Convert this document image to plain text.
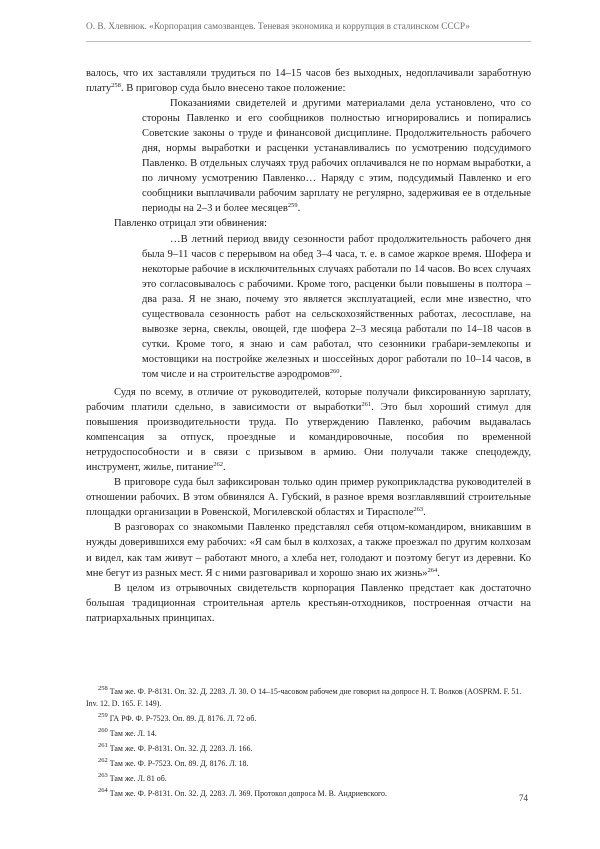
О. В. Хлевнюк. «Корпорация самозванцев. Теневая экономика и коррупция в сталинском СССР»

валось, что их заставляли трудиться по 14–15 часов без выходных, недоплачивали заработную плату$^{258}$. В приговор суда было внесено такое положение:

Показаниями свидетелей и другими материалами дела установлено, что со стороны Павленко и его сообщников полностью игнорировались и попирались Советские законы о труде и финансовой дисциплине. Продолжительность рабочего дня, нормы выработки и расценки устанавливались по усмотрению подсудимого Павленко. В отдельных случаях труд рабочих оплачивался не по нормам выработки, а по личному усмотрению Павленко… Наряду с этим, подсудимый Павленко и его сообщники выплачивали рабочим зарплату не регулярно, задерживая ее в отдельные периоды на 2–3 и более месяцев$^{259}$.

Павленко отрицал эти обвинения:

…В летний период ввиду сезонности работ продолжительность рабочего дня была 9–11 часов с перерывом на обед 3–4 часа, т. е. в самое жаркое время. Шофера и некоторые рабочие в исключительных случаях работали по 14 часов. Во всех случаях это согласовывалось с рабочими. Кроме того, расценки были повышены в полтора – два раза. Я не знаю, почему это является эксплуатацией, если мне известно, что существовала сезонность работ на сельскохозяйственных работах, лесосплаве, на вывозке зерна, свеклы, овощей, где шофера 2–3 месяца работали по 14–18 часов в сутки. Кроме того, я знаю и сам работал, что сезонники грабари-землекопы и мостовщики на постройке железных и шоссейных дорог работали по 10–14 часов, в том числе и на строительстве аэродромов$^{260}$.

Судя по всему, в отличие от руководителей, которые получали фиксированную зарплату, рабочим платили сдельно, в зависимости от выработки$^{261}$. Это был хороший стимул для повышения производительности труда. По утверждению Павленко, рабочим выдавалась компенсация за отпуск, проездные и командировочные, пособия по временной нетрудоспособности и в связи с призывом в армию. Они получали также спецодежду, инструмент, жилье, питание$^{262}$.

В приговоре суда был зафиксирован только один пример рукоприкладства руководителей в отношении рабочих. В этом обвинялся А. Губский, в разное время возглавлявший строительные площадки организации в Ровенской, Могилевской областях и Тирасполе$^{263}$.

В разговорах со знакомыми Павленко представлял себя отцом-командиром, вникавшим в нужды доверившихся ему рабочих: «Я сам был в колхозах, а также проезжал по другим колхозам и видел, как там живут – работают много, а хлеба нет, голодают и поэтому бегут из деревни. Ко мне бегут из разных мест. Я с ними разговаривал и хорошо знаю их жизнь»$^{264}$.

В целом из отрывочных свидетельств корпорация Павленко предстает как достаточно большая традиционная строительная артель крестьян-отходников, построенная отчасти на патриархальных принципах.

$^{258}$ Там же. Ф. Р-8131. Оп. 32. Д. 2283. Л. 30. О 14–15-часовом рабочем дне говорил на допросе Н. Т. Волков (AOSPRM. F. 51. Inv. 12. D. 165. F. 149).

$^{259}$ ГА РФ. Ф. Р-7523. Оп. 89. Д. 8176. Л. 72 об.

$^{260}$ Там же. Л. 14.

$^{261}$ Там же. Ф. Р-8131. Оп. 32. Д. 2283. Л. 166.

$^{262}$ Там же. Ф. Р-7523. Оп. 89. Д. 8176. Л. 18.

$^{263}$ Там же. Л. 81 об.

$^{264}$ Там же. Ф. Р-8131. Оп. 32. Д. 2283. Л. 369. Протокол допроса М. В. Андриевского.	74
